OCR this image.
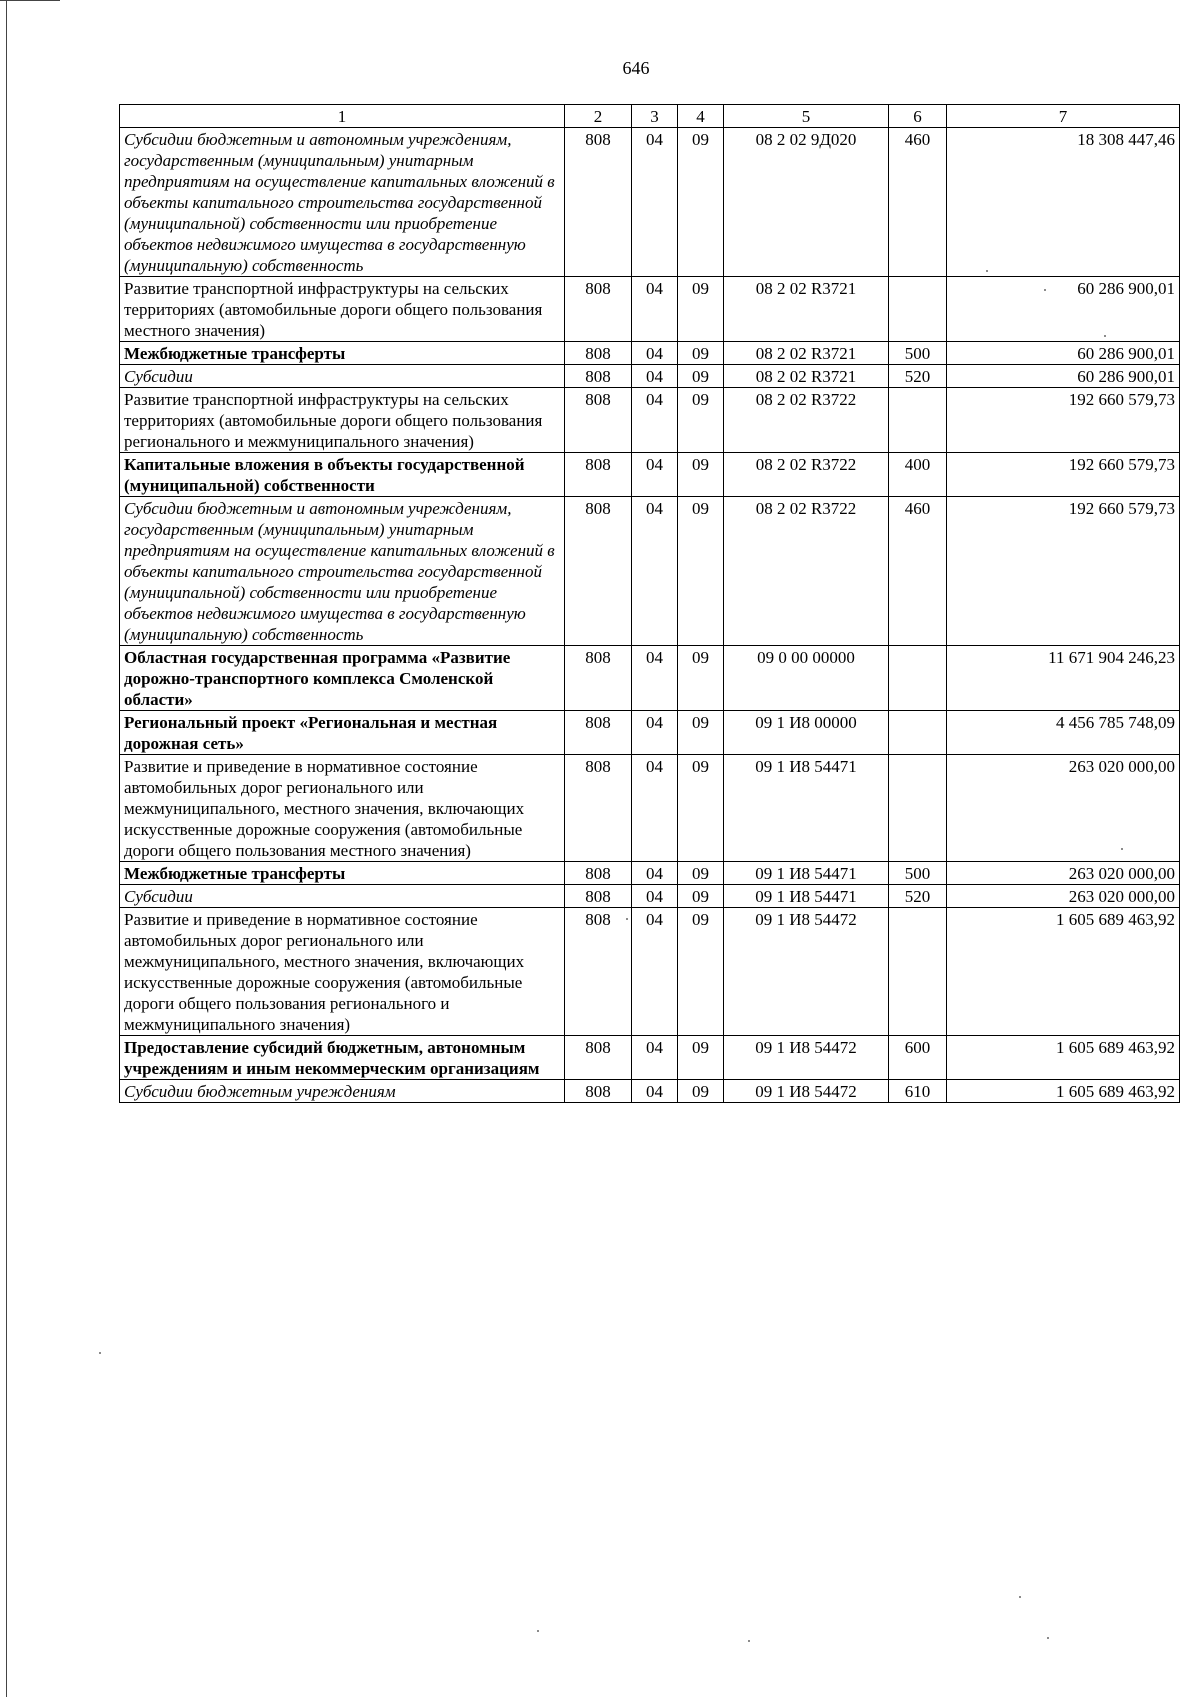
646
1	2	3	4	5	6	7
Субсидии бюджетным и автономным учреждениям, государственным (муниципальным) унитарным предприятиям на осуществление капитальных вложений в объекты капитального строительства государственной (муниципальной) собственности или приобретение объектов недвижимого имущества в государственную (муниципальную) собственность	808	04	09	08 2 02 9Д020	460	18 308 447,46
Развитие транспортной инфраструктуры на сельских территориях (автомобильные дороги общего пользования местного значения)	808	04	09	08 2 02 R3721		60 286 900,01
Межбюджетные трансферты	808	04	09	08 2 02 R3721	500	60 286 900,01
Субсидии	808	04	09	08 2 02 R3721	520	60 286 900,01
Развитие транспортной инфраструктуры на сельских территориях (автомобильные дороги общего пользования регионального и межмуниципального значения)	808	04	09	08 2 02 R3722		192 660 579,73
Капитальные вложения в объекты государственной (муниципальной) собственности	808	04	09	08 2 02 R3722	400	192 660 579,73
Субсидии бюджетным и автономным учреждениям, государственным (муниципальным) унитарным предприятиям на осуществление капитальных вложений в объекты капитального строительства государственной (муниципальной) собственности или приобретение объектов недвижимого имущества в государственную (муниципальную) собственность	808	04	09	08 2 02 R3722	460	192 660 579,73
Областная государственная программа «Развитие дорожно-транспортного комплекса Смоленской области»	808	04	09	09 0 00 00000		11 671 904 246,23
Региональный проект «Региональная и местная дорожная сеть»	808	04	09	09 1 И8 00000		4 456 785 748,09
Развитие и приведение в нормативное состояние автомобильных дорог регионального или межмуниципального, местного значения, включающих искусственные дорожные сооружения (автомобильные дороги общего пользования местного значения)	808	04	09	09 1 И8 54471		263 020 000,00
Межбюджетные трансферты	808	04	09	09 1 И8 54471	500	263 020 000,00
Субсидии	808	04	09	09 1 И8 54471	520	263 020 000,00
Развитие и приведение в нормативное состояние автомобильных дорог регионального или межмуниципального, местного значения, включающих искусственные дорожные сооружения (автомобильные дороги общего пользования регионального и межмуниципального значения)	808	04	09	09 1 И8 54472		1 605 689 463,92
Предоставление субсидий бюджетным, автономным учреждениям и иным некоммерческим организациям	808	04	09	09 1 И8 54472	600	1 605 689 463,92
Субсидии бюджетным учреждениям	808	04	09	09 1 И8 54472	610	1 605 689 463,92
